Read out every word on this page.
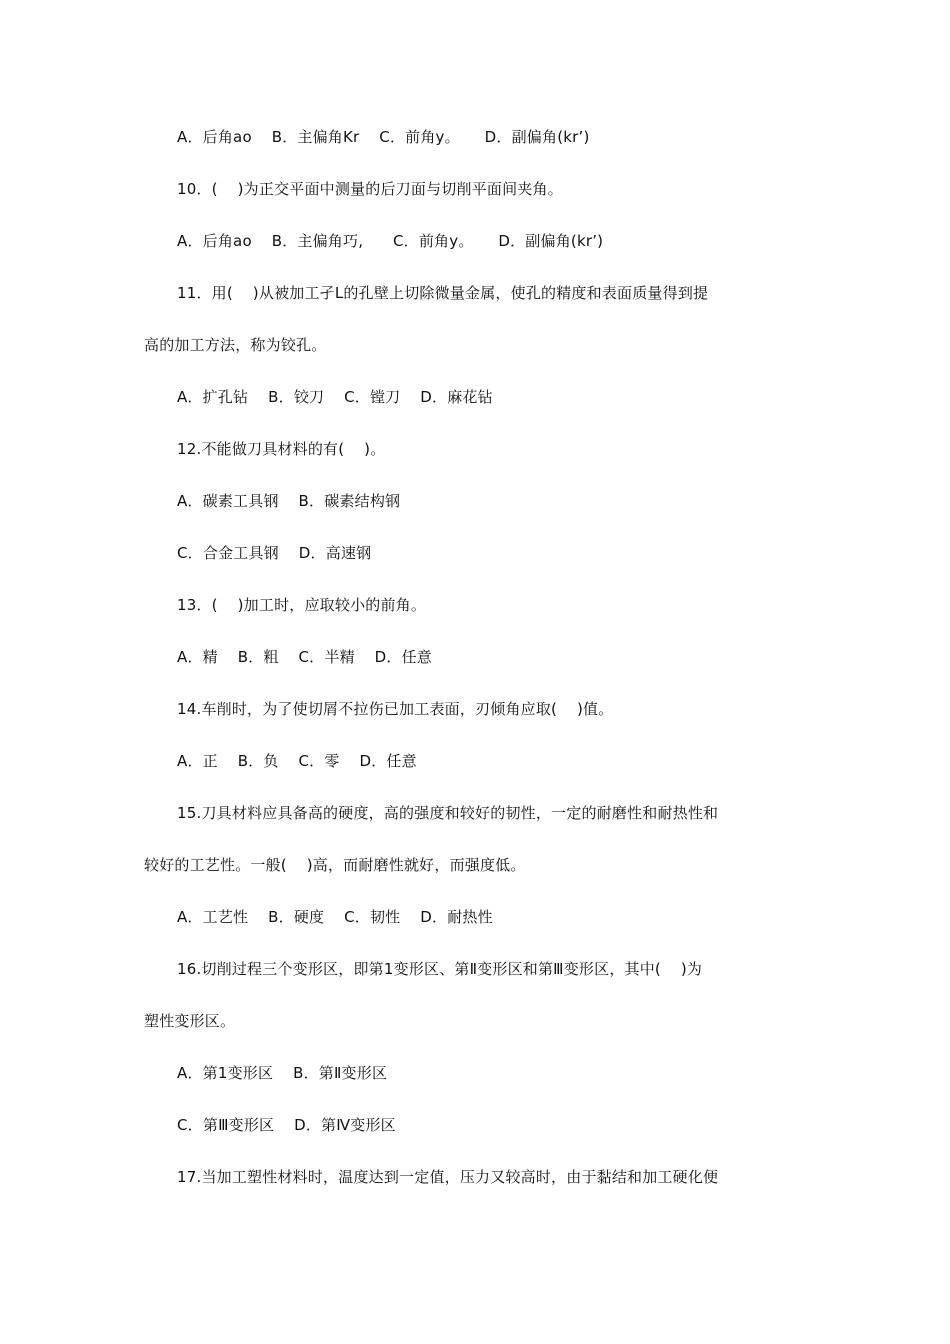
A．后角ao    B．主偏角Kr    C．前角y。     D．副偏角(kr’)
10．(    )为正交平面中测量的后刀面与切削平面间夹角。
A．后角ao    B．主偏角巧,      C．前角y。     D．副偏角(kr’)
11．用(    )从被加工孑L的孔壁上切除微量金属，使孔的精度和表面质量得到提
高的加工方法，称为铰孔。
A．扩孔钻    B．铰刀    C．镗刀    D．麻花钻
12.不能做刀具材料的有(    )。
A．碳素工具钢    B．碳素结构钢
C．合金工具钢    D．高速钢
13．(    )加工时，应取较小的前角。
A．精    B．粗    C．半精    D．任意
14.车削时，为了使切屑不拉伤已加工表面，刃倾角应取(    )值。
A．正    B．负    C．零    D．任意
15.刀具材料应具备高的硬度，高的强度和较好的韧性，一定的耐磨性和耐热性和
较好的工艺性。一般(    )高，而耐磨性就好，而强度低。
A．工艺性    B．硬度    C．韧性    D．耐热性
16.切削过程三个变形区，即第1变形区、第Ⅱ变形区和第Ⅲ变形区，其中(    )为
塑性变形区。
A．第1变形区    B．第Ⅱ变形区
C．第Ⅲ变形区    D．第Ⅳ变形区
17.当加工塑性材料时，温度达到一定值，压力又较高时，由于黏结和加工硬化便
